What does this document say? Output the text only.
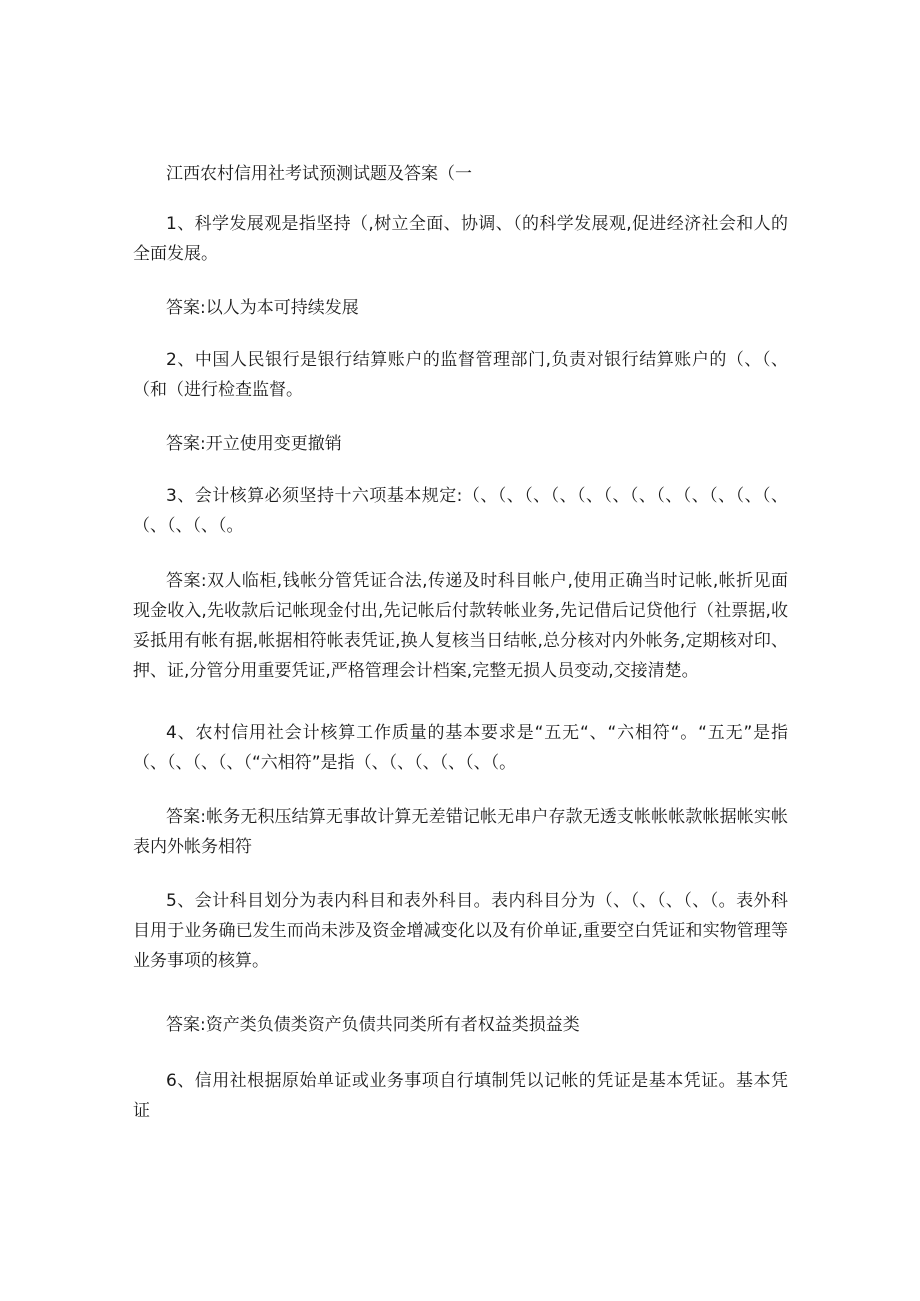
江西农村信用社考试预测试题及答案（一
1、科学发展观是指坚持（,树立全面、协调、（的科学发展观,促进经济社会和人的全面发展。
答案:以人为本可持续发展
2、中国人民银行是银行结算账户的监督管理部门,负责对银行结算账户的（、（、（和（进行检查监督。
答案:开立使用变更撤销
3、会计核算必须坚持十六项基本规定:（、（、（、（、（、（、（、（、（、（、（、（、（、（、（、（。
答案:双人临柜,钱帐分管凭证合法,传递及时科目帐户,使用正确当时记帐,帐折见面现金收入,先收款后记帐现金付出,先记帐后付款转帐业务,先记借后记贷他行（社票据,收妥抵用有帐有据,帐据相符帐表凭证,换人复核当日结帐,总分核对内外帐务,定期核对印、押、证,分管分用重要凭证,严格管理会计档案,完整无损人员变动,交接清楚。
4、农村信用社会计核算工作质量的基本要求是“五无“、“六相符“。“五无”是指（、（、（、（、（“六相符”是指（、（、（、（、（、（。
答案:帐务无积压结算无事故计算无差错记帐无串户存款无透支帐帐帐款帐据帐实帐表内外帐务相符
5、会计科目划分为表内科目和表外科目。表内科目分为（、（、（、（、（。表外科目用于业务确已发生而尚未涉及资金增减变化以及有价单证,重要空白凭证和实物管理等业务事项的核算。
答案:资产类负债类资产负债共同类所有者权益类损益类
6、信用社根据原始单证或业务事项自行填制凭以记帐的凭证是基本凭证。基本凭证
